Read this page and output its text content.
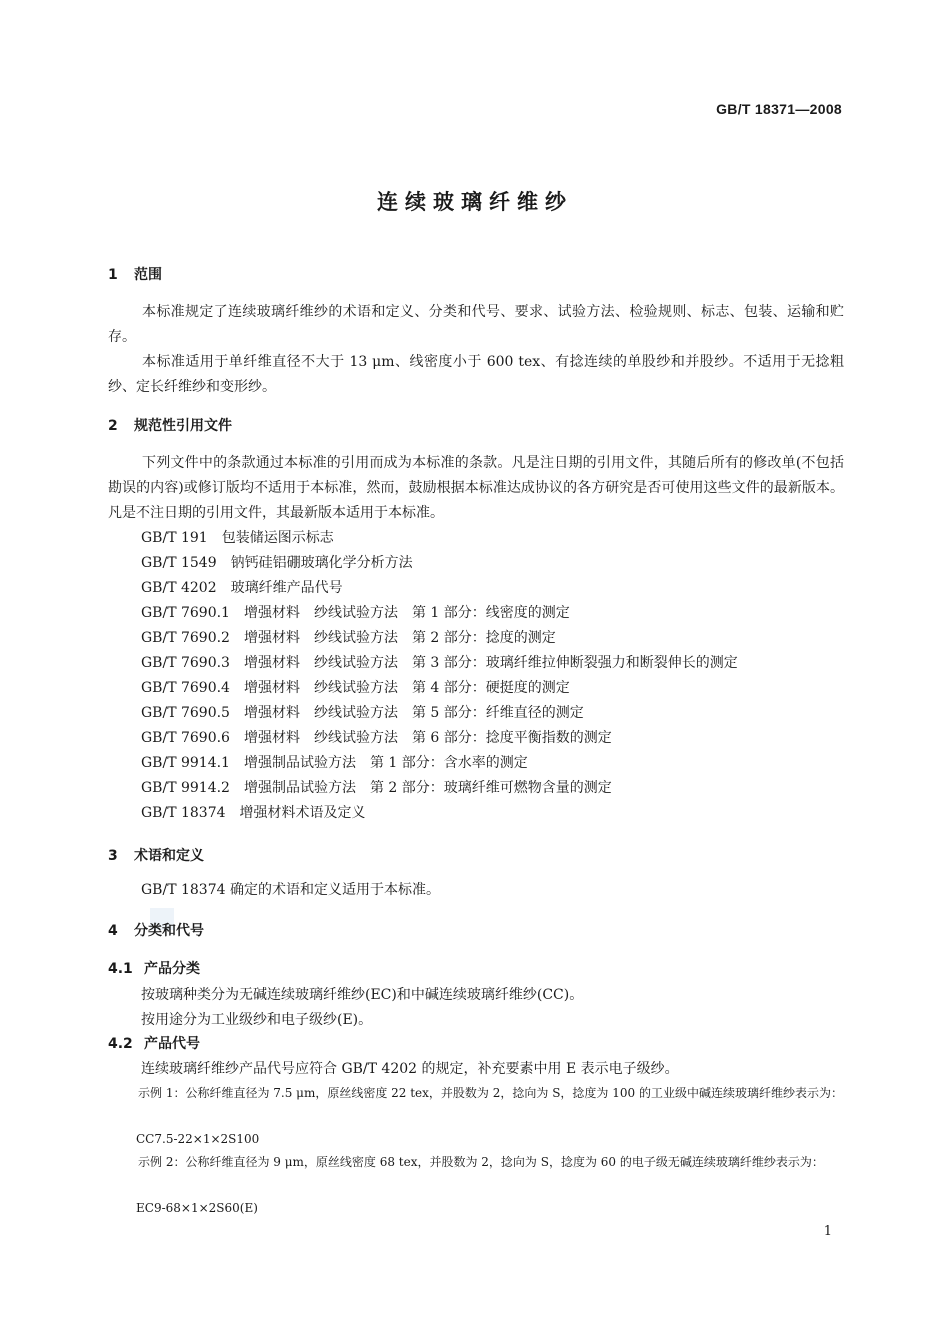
GB/T 18371—2008
连续玻璃纤维纱
1 范围
本标准规定了连续玻璃纤维纱的术语和定义、分类和代号、要求、试验方法、检验规则、标志、包装、运输和贮存。
本标准适用于单纤维直径不大于 13 μm、线密度小于 600 tex、有捻连续的单股纱和并股纱。不适用于无捻粗纱、定长纤维纱和变形纱。
2 规范性引用文件
下列文件中的条款通过本标准的引用而成为本标准的条款。凡是注日期的引用文件，其随后所有的修改单(不包括勘误的内容)或修订版均不适用于本标准，然而，鼓励根据本标准达成协议的各方研究是否可使用这些文件的最新版本。凡是不注日期的引用文件，其最新版本适用于本标准。
GB/T 191　包装储运图示标志
GB/T 1549　钠钙硅铝硼玻璃化学分析方法
GB/T 4202　玻璃纤维产品代号
GB/T 7690.1　增强材料　纱线试验方法　第 1 部分：线密度的测定
GB/T 7690.2　增强材料　纱线试验方法　第 2 部分：捻度的测定
GB/T 7690.3　增强材料　纱线试验方法　第 3 部分：玻璃纤维拉伸断裂强力和断裂伸长的测定
GB/T 7690.4　增强材料　纱线试验方法　第 4 部分：硬挺度的测定
GB/T 7690.5　增强材料　纱线试验方法　第 5 部分：纤维直径的测定
GB/T 7690.6　增强材料　纱线试验方法　第 6 部分：捻度平衡指数的测定
GB/T 9914.1　增强制品试验方法　第 1 部分：含水率的测定
GB/T 9914.2　增强制品试验方法　第 2 部分：玻璃纤维可燃物含量的测定
GB/T 18374　增强材料术语及定义
3 术语和定义
GB/T 18374 确定的术语和定义适用于本标准。
4 分类和代号
4.1 产品分类
按玻璃种类分为无碱连续玻璃纤维纱(EC)和中碱连续玻璃纤维纱(CC)。
按用途分为工业级纱和电子级纱(E)。
4.2 产品代号
连续玻璃纤维纱产品代号应符合 GB/T 4202 的规定，补充要素中用 E 表示电子级纱。
示例 1：公称纤维直径为 7.5 μm，原丝线密度 22 tex，并股数为 2，捻向为 S，捻度为 100 的工业级中碱连续玻璃纤维纱表示为：
CC7.5-22×1×2S100
示例 2：公称纤维直径为 9 μm，原丝线密度 68 tex，并股数为 2，捻向为 S，捻度为 60 的电子级无碱连续玻璃纤维纱表示为：
EC9-68×1×2S60(E)
1
